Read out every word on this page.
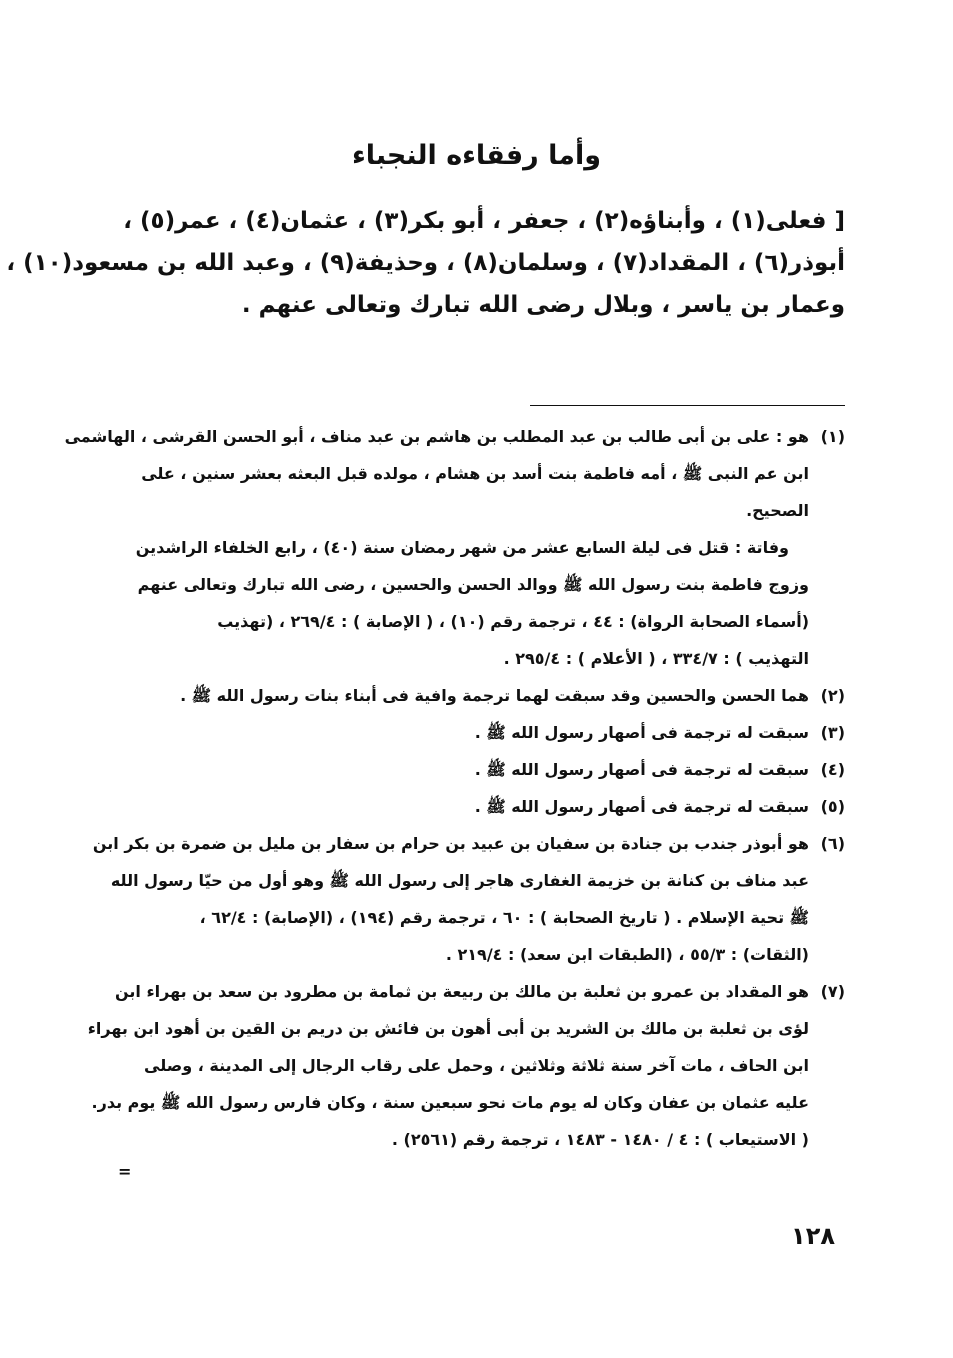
وأما رفقاءه النجباء
[ فعلى(١) ، وأبناؤه(٢) ، جعفر ، أبو بكر(٣) ، عثمان(٤) ، عمر(٥) ،
أبوذر(٦) ، المقداد(٧) ، وسلمان(٨) ، وحذيفة(٩) ، وعبد الله بن مسعود(١٠) ،
وعمار بن ياسر ، وبلال رضى الله تبارك وتعالى عنهم .
(١)
هو : على بن أبى طالب بن عبد المطلب بن هاشم بن عبد مناف ، أبو الحسن القرشى ، الهاشمى
ابن عم النبى ﷺ ، أمه فاطمة بنت أسد بن هشام ، مولده قبل البعثه بعشر سنين ، على
الصحيح.
وفاتة : قتل فى ليلة السابع عشر من شهر رمضان سنة (٤٠) ، رابع الخلفاء الراشدين
وزوج فاطمة بنت رسول الله ﷺ ووالد الحسن والحسين ، رضى الله تبارك وتعالى عنهم
(أسماء الصحابة الرواة) : ٤٤ ، ترجمة رقم (١٠) ، ( الإصابة ) : ٢٦٩/٤ ، (تهذيب
التهذيب ) : ٣٣٤/٧ ، ( الأعلام ) : ٢٩٥/٤ .
(٢)
هما الحسن والحسين وقد سبقت لهما ترجمة وافية فى أبناء بنات رسول الله ﷺ .
(٣)
سبقت له ترجمة فى أصهار رسول الله ﷺ .
(٤)
سبقت له ترجمة فى أصهار رسول الله ﷺ .
(٥)
سبقت له ترجمة فى أصهار رسول الله ﷺ .
(٦)
هو أبوذر جندب بن جنادة بن سفيان بن عبيد بن حرام بن سفار بن مليل بن ضمرة بن بكر ابن
عبد مناف بن كنانة بن خزيمة الغفارى هاجر إلى رسول الله ﷺ وهو أول من حيّا رسول الله
ﷺ تحية الإسلام . ( تاريخ الصحابة ) : ٦٠ ، ترجمة رقم (١٩٤) ، (الإصابة) : ٦٢/٤ ،
(الثقات) : ٥٥/٣ ، (الطبقات ابن سعد) : ٢١٩/٤ .
(٧)
هو المقداد بن عمرو بن ثعلبة بن مالك بن ربيعة بن ثمامة بن مطرود بن سعد بن بهراء ابن
لؤى بن ثعلبة بن مالك بن الشريد بن أبى أهون بن فائش بن دريم بن القين بن أهود ابن بهراء
ابن الحاف ، مات آخر سنة ثلاثة وثلاثين ، وحمل على رقاب الرجال إلى المدينة ، وصلى
عليه عثمان بن عفان وكان له يوم مات نحو سبعين سنة ، وكان فارس رسول الله ﷺ يوم بدر.
( الاستيعاب ) : ٤ / ١٤٨٠ - ١٤٨٣ ، ترجمة رقم (٢٥٦١) .
=
١٢٨
